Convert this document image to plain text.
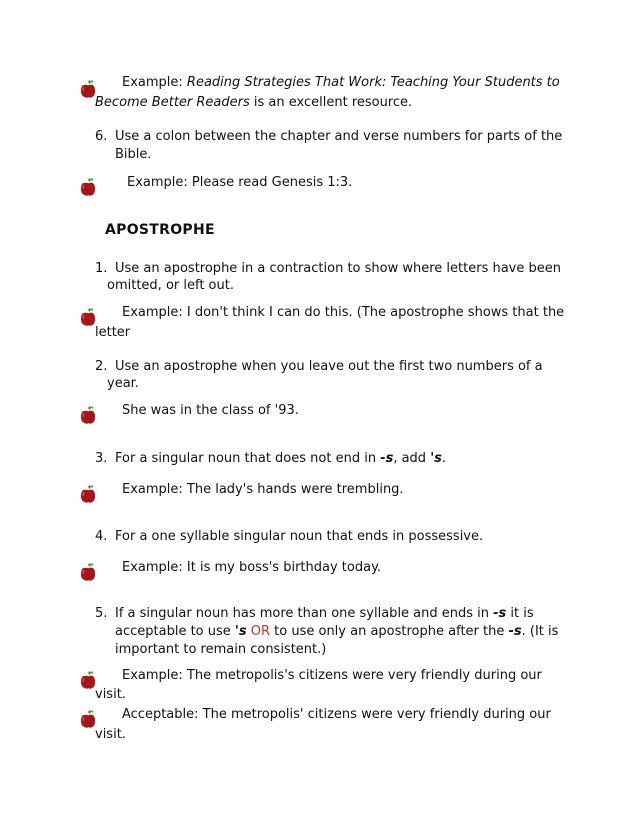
Example: Reading Strategies That Work: Teaching Your Students to
Become Better Readers is an excellent resource.
6. Use a colon between the chapter and verse numbers for parts of the
Bible.
Example: Please read Genesis 1:3.
APOSTROPHE
1. Use an apostrophe in a contraction to show where letters have been
omitted, or left out.
Example: I don't think I can do this. (The apostrophe shows that the
letter
2. Use an apostrophe when you leave out the first two numbers of a
year.
She was in the class of '93.
3. For a singular noun that does not end in -s, add 's.
Example: The lady's hands were trembling.
4. For a one syllable singular noun that ends in possessive.
Example: It is my boss's birthday today.
5. If a singular noun has more than one syllable and ends in -s it is
acceptable to use 's OR to use only an apostrophe after the -s. (It is
important to remain consistent.)
Example: The metropolis's citizens were very friendly during our
visit.
Acceptable: The metropolis' citizens were very friendly during our
visit.
